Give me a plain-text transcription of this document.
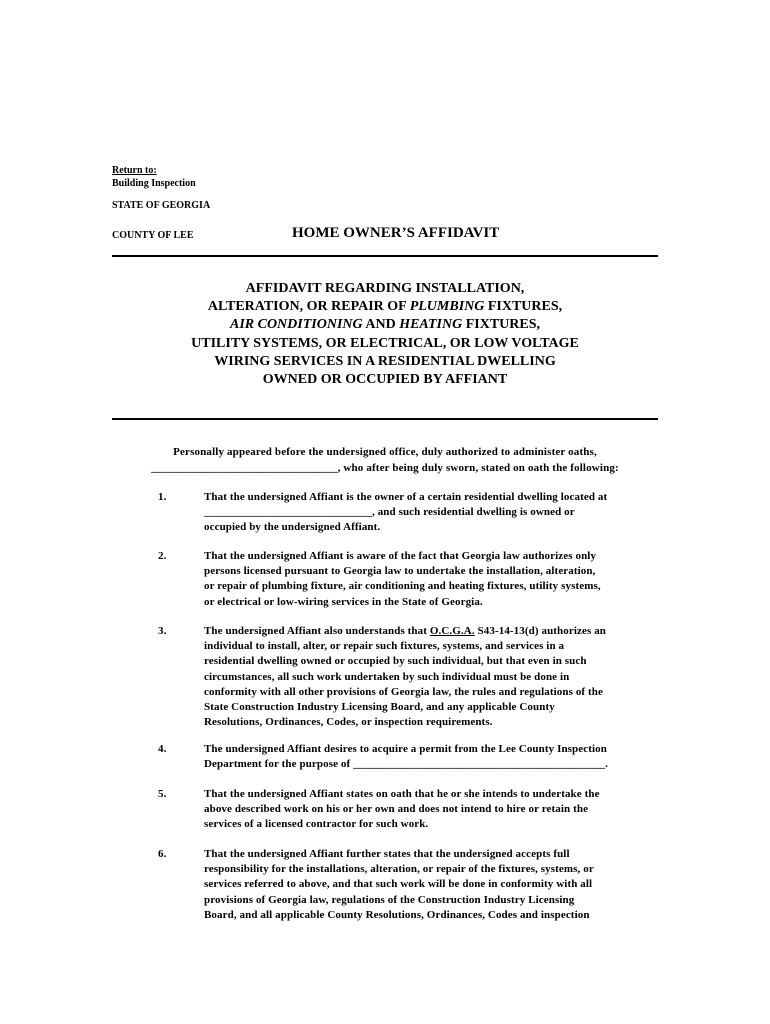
Return to:
Building Inspection
STATE OF GEORGIA
COUNTY OF LEE	HOME OWNER’S AFFIDAVIT
AFFIDAVIT REGARDING INSTALLATION,
ALTERATION, OR REPAIR OF PLUMBING FIXTURES,
AIR CONDITIONING AND HEATING FIXTURES,
UTILITY SYSTEMS, OR ELECTRICAL, OR LOW VOLTAGE
WIRING SERVICES IN A RESIDENTIAL DWELLING
OWNED OR OCCUPIED BY AFFIANT
Personally appeared before the undersigned office, duly authorized to administer oaths,
_________________________________, who after being duly sworn, stated on oath the following:
1.	That the undersigned Affiant is the owner of a certain residential dwelling located at
______________________________, and such residential dwelling is owned or
occupied by the undersigned Affiant.
2.	That the undersigned Affiant is aware of the fact that Georgia law authorizes only
persons licensed pursuant to Georgia law to undertake the installation, alteration,
or repair of plumbing fixture, air conditioning and heating fixtures, utility systems,
or electrical or low-wiring services in the State of Georgia.
3.	The undersigned Affiant also understands that O.C.G.A. S43-14-13(d) authorizes an
individual to install, alter, or repair such fixtures, systems, and services in a
residential dwelling owned or occupied by such individual, but that even in such
circumstances, all such work undertaken by such individual must be done in
conformity with all other provisions of Georgia law, the rules and regulations of the
State Construction Industry Licensing Board, and any applicable County
Resolutions, Ordinances, Codes, or inspection requirements.
4.	The undersigned Affiant desires to acquire a permit from the Lee County Inspection
Department for the purpose of _____________________________________________.
5.	That the undersigned Affiant states on oath that he or she intends to undertake the
above described work on his or her own and does not intend to hire or retain the
services of a licensed contractor for such work.
6.	That the undersigned Affiant further states that the undersigned accepts full
responsibility for the installations, alteration, or repair of the fixtures, systems, or
services referred to above, and that such work will be done in conformity with all
provisions of Georgia law, regulations of the Construction Industry Licensing
Board, and all applicable County Resolutions, Ordinances, Codes and inspection
